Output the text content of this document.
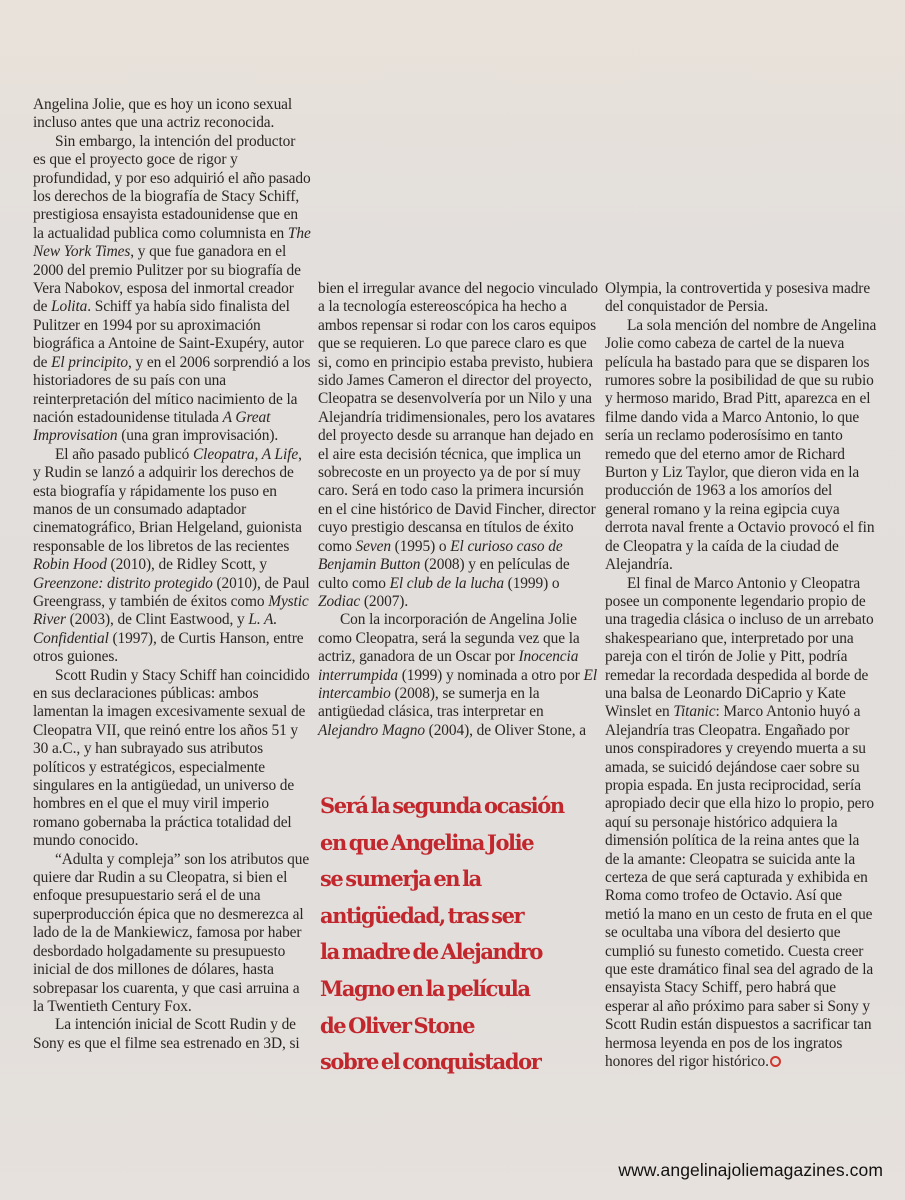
Angelina Jolie, que es hoy un icono sexual incluso antes que una actriz reconocida.

Sin embargo, la intención del productor es que el proyecto goce de rigor y profundidad, y por eso adquirió el año pasado los derechos de la biografía de Stacy Schiff, prestigiosa ensayista estadounidense que en la actualidad publica como columnista en The New York Times, y que fue ganadora en el 2000 del premio Pulitzer por su biografía de Vera Nabokov, esposa del inmortal creador de Lolita. Schiff ya había sido finalista del Pulitzer en 1994 por su aproximación biográfica a Antoine de Saint-Exupéry, autor de El principito, y en el 2006 sorprendió a los historiadores de su país con una reinterpretación del mítico nacimiento de la nación estadounidense titulada A Great Improvisation (una gran improvisación).

El año pasado publicó Cleopatra, A Life, y Rudin se lanzó a adquirir los derechos de esta biografía y rápidamente los puso en manos de un consumado adaptador cinematográfico, Brian Helgeland, guionista responsable de los libretos de las recientes Robin Hood (2010), de Ridley Scott, y Greenzone: distrito protegido (2010), de Paul Greengrass, y también de éxitos como Mystic River (2003), de Clint Eastwood, y L. A. Confidential (1997), de Curtis Hanson, entre otros guiones.

Scott Rudin y Stacy Schiff han coincidido en sus declaraciones públicas: ambos lamentan la imagen excesivamente sexual de Cleopatra VII, que reinó entre los años 51 y 30 a.C., y han subrayado sus atributos políticos y estratégicos, especialmente singulares en la antigüedad, un universo de hombres en el que el muy viril imperio romano gobernaba la práctica totalidad del mundo conocido.

“Adulta y compleja” son los atributos que quiere dar Rudin a su Cleopatra, si bien el enfoque presupuestario será el de una superproducción épica que no desmerezca al lado de la de Mankiewicz, famosa por haber desbordado holgadamente su presupuesto inicial de dos millones de dólares, hasta sobrepasar los cuarenta, y que casi arruina a la Twentieth Century Fox.

La intención inicial de Scott Rudin y de Sony es que el filme sea estrenado en 3D, si

bien el irregular avance del negocio vinculado a la tecnología estereoscópica ha hecho a ambos repensar si rodar con los caros equipos que se requieren. Lo que parece claro es que si, como en principio estaba previsto, hubiera sido James Cameron el director del proyecto, Cleopatra se desenvolvería por un Nilo y una Alejandría tridimensionales, pero los avatares del proyecto desde su arranque han dejado en el aire esta decisión técnica, que implica un sobrecoste en un proyecto ya de por sí muy caro. Será en todo caso la primera incursión en el cine histórico de David Fincher, director cuyo prestigio descansa en títulos de éxito como Seven (1995) o El curioso caso de Benjamin Button (2008) y en películas de culto como El club de la lucha (1999) o Zodiac (2007).

Con la incorporación de Angelina Jolie como Cleopatra, será la segunda vez que la actriz, ganadora de un Oscar por Inocencia interrumpida (1999) y nominada a otro por El intercambio (2008), se sumerja en la antigüedad clásica, tras interpretar en Alejandro Magno (2004), de Oliver Stone, a

Olympia, la controvertida y posesiva madre del conquistador de Persia.

La sola mención del nombre de Angelina Jolie como cabeza de cartel de la nueva película ha bastado para que se disparen los rumores sobre la posibilidad de que su rubio y hermoso marido, Brad Pitt, aparezca en el filme dando vida a Marco Antonio, lo que sería un reclamo poderosísimo en tanto remedo que del eterno amor de Richard Burton y Liz Taylor, que dieron vida en la producción de 1963 a los amoríos del general romano y la reina egipcia cuya derrota naval frente a Octavio provocó el fin de Cleopatra y la caída de la ciudad de Alejandría.

El final de Marco Antonio y Cleopatra posee un componente legendario propio de una tragedia clásica o incluso de un arrebato shakespeariano que, interpretado por una pareja con el tirón de Jolie y Pitt, podría remedar la recordada despedida al borde de una balsa de Leonardo DiCaprio y Kate Winslet en Titanic: Marco Antonio huyó a Alejandría tras Cleopatra. Engañado por unos conspiradores y creyendo muerta a su amada, se suicidó dejándose caer sobre su propia espada. En justa reciprocidad, sería apropiado decir que ella hizo lo propio, pero aquí su personaje histórico adquiera la dimensión política de la reina antes que la de la amante: Cleopatra se suicida ante la certeza de que será capturada y exhibida en Roma como trofeo de Octavio. Así que metió la mano en un cesto de fruta en el que se ocultaba una víbora del desierto que cumplió su funesto cometido. Cuesta creer que este dramático final sea del agrado de la ensayista Stacy Schiff, pero habrá que esperar al año próximo para saber si Sony y Scott Rudin están dispuestos a sacrificar tan hermosa leyenda en pos de los ingratos honores del rigor histórico.

Será la segunda ocasión
en que Angelina Jolie
se sumerja en la
antigüedad, tras ser
la madre de Alejandro
Magno en la película
de Oliver Stone
sobre el conquistador
www.angelinajoliemagazines.com
